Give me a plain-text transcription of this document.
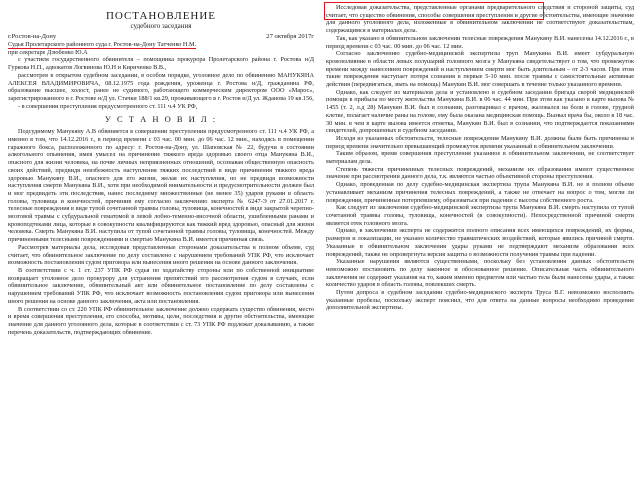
ПОСТАНОВЛЕНИЕ
судебного заседания
г.Ростов-на-Дону	27 октября 2017г

Судья Пролетарского районного суда г. Ростов-на-Дону Татченко Н.М.

при секретаре Дзюбенко Ю.А

с участием государственного обвинителя – помощника прокурора Пролетарского района г. Ростова н/Д Гуркова Н.П., адвокатов Логвинова Ю.Н и Кириченко В.В.,

рассмотрев в открытом судебном заседании, в особом порядке, уголовное дело по обвинению МАНУКЯНА АЛЕКСЕЯ ВЛАДИМИРОВИЧА, 08.12.1975 года рождения, уроженца г. Ростова н/Д, гражданина РФ, образование высшее, холост, ранее не судимого, работающего коммерческим директором ООО «Марос», зарегистрированного в г. Ростове н/Д ул. Стачки 188/1 кв.29, проживающего в г. Ростов н/Д ул. Жданова 19 кв.156,

- в совершении преступления предусмотренного ст. 111 ч.4 УК РФ,

У С Т А Н О В И Л :

Подсудимому Манукяну А.В обвиняется в совершении преступления предусмотренного ст. 111 ч.4 УК РФ, а именно в том, что 14.12.2016 г., в период времени с 03 час. 00 мин. до 06 час. 12 мин., находясь в помещении гаражного бокса, расположенного по адресу: г. Ростов-на-Дону, ул. Шаповская № 22, будучи в состоянии алкогольного опьянения, имея умысел на причинение тяжкого вреда здоровью своего отца Манукяна В.И., опасного для жизни человека, на почве личных неприязненных отношений, осознавая общественную опасность своих действий, предвидя неизбежность наступления тяжких последствий в виде причинения тяжкого вреда здоровью Манукяну В.И., опасного для его жизни, желая их наступления, но не предвидя возможности наступления смерти Манукяна В.И., хотя при необходимой внимательности и предусмотрительности должен был и мог предвидеть эти последствия, нанес последнему множественные (не менее 35) ударов руками в область головы, туловища и конечностей, причинив ему согласно заключению эксперта № 6247-Э от 27.01.2017 г. телесные повреждения в виде тупой сочетанной травмы головы, туловища, конечностей в виде закрытой черепно-мозговой травмы с субдуральной гематомой в левой лобно-теменно-височной области, ушибленными ранами и кровоподтеками лица, которые в совокупности квалифицируются как тяжкий вред здоровью, опасный для жизни человека. Смерть Манукяна В.И. наступила от тупой сочетанной травмы головы, туловища, конечностей. Между причиненными телесными повреждениями и смертью Манукяна В.И. имеется причинная связь.

Рассмотрев материалы дела, исследовав представленные сторонами доказательства в полном объеме, суд считает, что обвинительное заключение по делу составлено с нарушением требований УПК РФ, что исключает возможность постановления судом приговора или вынесения иного решения на основе данного заключения.

В соответствии с ч. 1 ст. 237 УПК РФ судья по ходатайству стороны или по собственной инициативе возвращает уголовное дело прокурору для устранения препятствий его рассмотрения судом в случаях, если обвинительное заключение, обвинительный акт или обвинительное постановление по делу составлены с нарушением требований УПК РФ, что исключает возможность постановления судом приговора или вынесения иного решения на основе данного заключения, акта или постановления.

В соответствии со ст. 220 УПК РФ обвинительное заключение должно содержать существо обвинения, место и время совершения преступления, его способы, мотивы, цели, последствия и другие обстоятельства, имеющие значение для данного уголовного дела, которые в соответствии с ст. 73 УПК РФ подлежат доказыванию, а также перечень доказательств, подтверждающих обвинение.

Исследовав доказательства, представленные органами предварительного следствия и стороной защиты, суд считает, что существо обвинения, способы совершения преступления и другие обстоятельства, имеющие значение для данного уголовного дела, изложенные в обвинительном заключении не соответствуют доказательствам, содержащимся в материалах дела.

Так, как указано в обвинительном заключении телесные повреждения Манукяну В.И. нанесены 14.12.2016 г., в период времени с 03 час. 00 мин. до 06 час. 12 мин.

Согласно заключению судебно-медицинской экспертизы труп Манукяна В.И. имеет субдуральную кровоизлияние в области левых полушарий головного мозга у Манукяна свидетельствует о том, что промежуток времени между нанесением повреждений и наступлением смерти мог быть длительным – от 2-3 часов. При этом такие повреждения наступает потеря сознания в первые 5-10 мин. после травмы с самостоятельные активные действия (передвигаться, звать на помощь) Манукян В.И. мог совершать в течение только указанного времени.

Однако, как следует из материалов дела и установлено в судебном заседании бригада скорой медицинской помощи в прибыла по месту жительства Манукяна В.И. в 06 час. 44 мин. При этом как указано в карте вызова № 1455 (т. 2, л.д 28) Манукян В.И. был в сознании, разговаривал с врачом, жаловался на боли в голове, грудной клетке, полагает наличие раны на голове, ему была оказана медицинская помощь. Вызвал врача бы, около в 18 час. 30 мин. в чем в карте вызова имеется отметка, Манукян В.И. был в сознании, что подтверждается показаниями свидетелей, допрошенных в судебном заседании.

Исходя из указанных обстоятельств, телесные повреждения Манукяну В.И. должны были быть причинены в период времени значительно превышающий промежуток времени указанный в обвинительном заключении.

Таким образом, время совершения преступления указанное в обвинительном заключении, не соответствует материалам дела.

Степень тяжести причиненных телесных повреждений, механизм их образования имеют существенное значение при рассмотрении данного дела, т.к. являются частью объективной стороны преступления.

Однако, проведенная по делу судебно-медицинская экспертиза трупа Манукяна В.И. не в полном объеме устанавливает механизм причинения телесных повреждений, а также не отвечает на вопрос о том, могли ли повреждения, причиненные потерпевшему, образоваться при падении с высоты собственного роста.

Как следует из заключения судебно-медицинской экспертизы трупа Манукяна В.И. смерть наступила от тупой сочетанной травмы головы, туловища, конечностей (в совокупности). Непосредственной причиной смерти является отек головного мозга.

Однако, в заключении эксперта не содержится полного описания всех имеющихся повреждений, их формы, размеров и локализации, не указано количество травматических воздействий, которые явились причиной смерти. Указанные в обвинительном заключении удары руками не подтверждают механизм образования всех повреждений, также не опровергнута версия защиты о возможности получения травмы при падении.

Указанные нарушения являются существенными, поскольку без установления данных обстоятельств невозможно постановить по делу законное и обоснованное решение. Описательная часть обвинительного заключения не содержит указания на то, каким именно предметом или частью тела были нанесены удары, а также количество ударов в область головы, повлекших смерть.

Путем допроса в судебном заседании судебно-медицинского эксперта Труса В.Г. невозможно восполнить указанные пробелы, поскольку эксперт пояснил, что для ответа на данные вопросы необходимо проведение дополнительной экспертизы.
